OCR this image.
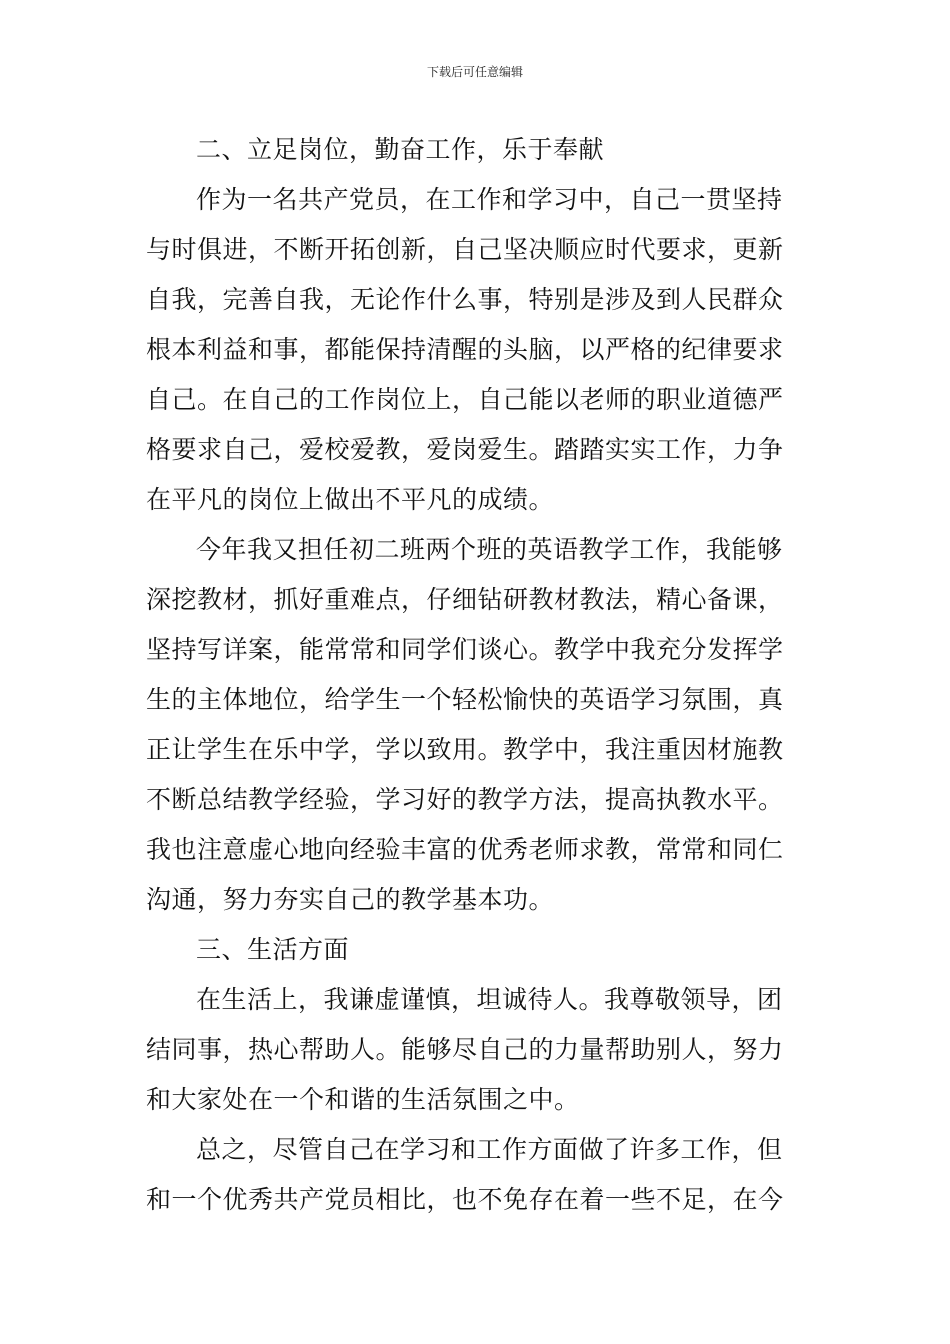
下载后可任意编辑
二、立足岗位，勤奋工作，乐于奉献
作为一名共产党员，在工作和学习中，自己一贯坚持
与时俱进，不断开拓创新，自己坚决顺应时代要求，更新
自我，完善自我，无论作什么事，特别是涉及到人民群众
根本利益和事，都能保持清醒的头脑，以严格的纪律要求
自己。在自己的工作岗位上，自己能以老师的职业道德严
格要求自己，爱校爱教，爱岗爱生。踏踏实实工作，力争
在平凡的岗位上做出不平凡的成绩。
今年我又担任初二班两个班的英语教学工作，我能够
深挖教材，抓好重难点，仔细钻研教材教法，精心备课，
坚持写详案，能常常和同学们谈心。教学中我充分发挥学
生的主体地位，给学生一个轻松愉快的英语学习氛围，真
正让学生在乐中学，学以致用。教学中，我注重因材施教
不断总结教学经验，学习好的教学方法，提高执教水平。
我也注意虚心地向经验丰富的优秀老师求教，常常和同仁
沟通，努力夯实自己的教学基本功。
三、生活方面
在生活上，我谦虚谨慎，坦诚待人。我尊敬领导，团
结同事，热心帮助人。能够尽自己的力量帮助别人，努力
和大家处在一个和谐的生活氛围之中。
总之，尽管自己在学习和工作方面做了许多工作，但
和一个优秀共产党员相比，也不免存在着一些不足，在今
